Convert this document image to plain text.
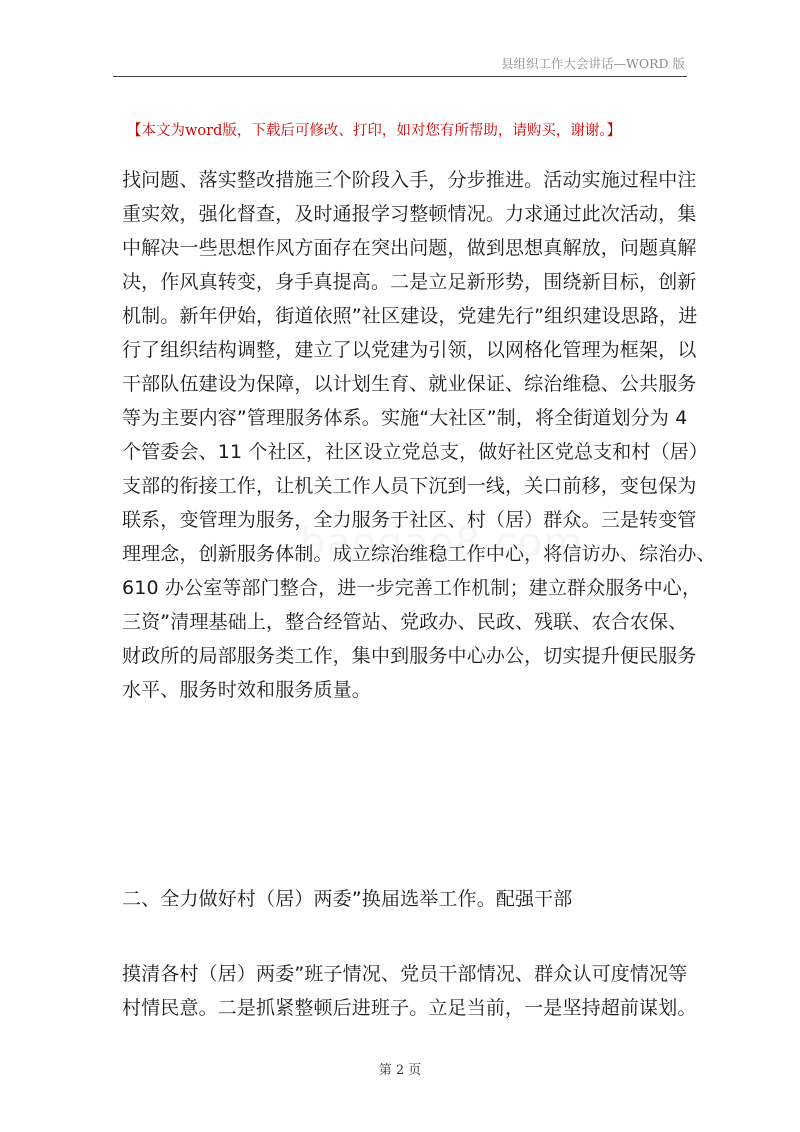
县组织工作大会讲话—WORD 版
【本文为word版，下载后可修改、打印，如对您有所帮助，请购买，谢谢。】
找问题、落实整改措施三个阶段入手，分步推进。活动实施过程中注
重实效，强化督查，及时通报学习整顿情况。力求通过此次活动，集
中解决一些思想作风方面存在突出问题，做到思想真解放，问题真解
决，作风真转变，身手真提高。二是立足新形势，围绕新目标，创新
机制。新年伊始，街道依照”社区建设，党建先行”组织建设思路，进
行了组织结构调整，建立了以党建为引领，以网格化管理为框架，以
干部队伍建设为保障，以计划生育、就业保证、综治维稳、公共服务
等为主要内容”管理服务体系。实施“大社区”制，将全街道划分为 4
个管委会、11 个社区，社区设立党总支，做好社区党总支和村（居）
支部的衔接工作，让机关工作人员下沉到一线，关口前移，变包保为
联系，变管理为服务，全力服务于社区、村（居）群众。三是转变管
理理念，创新服务体制。成立综治维稳工作中心，将信访办、综治办、
610 办公室等部门整合，进一步完善工作机制；建立群众服务中心，
三资”清理基础上，整合经管站、党政办、民政、残联、农合农保、
财政所的局部服务类工作，集中到服务中心办公，切实提升便民服务
水平、服务时效和服务质量。
二、全力做好村（居）两委”换届选举工作。配强干部
摸清各村（居）两委”班子情况、党员干部情况、群众认可度情况等
村情民意。二是抓紧整顿后进班子。立足当前，一是坚持超前谋划。
第 2 页
